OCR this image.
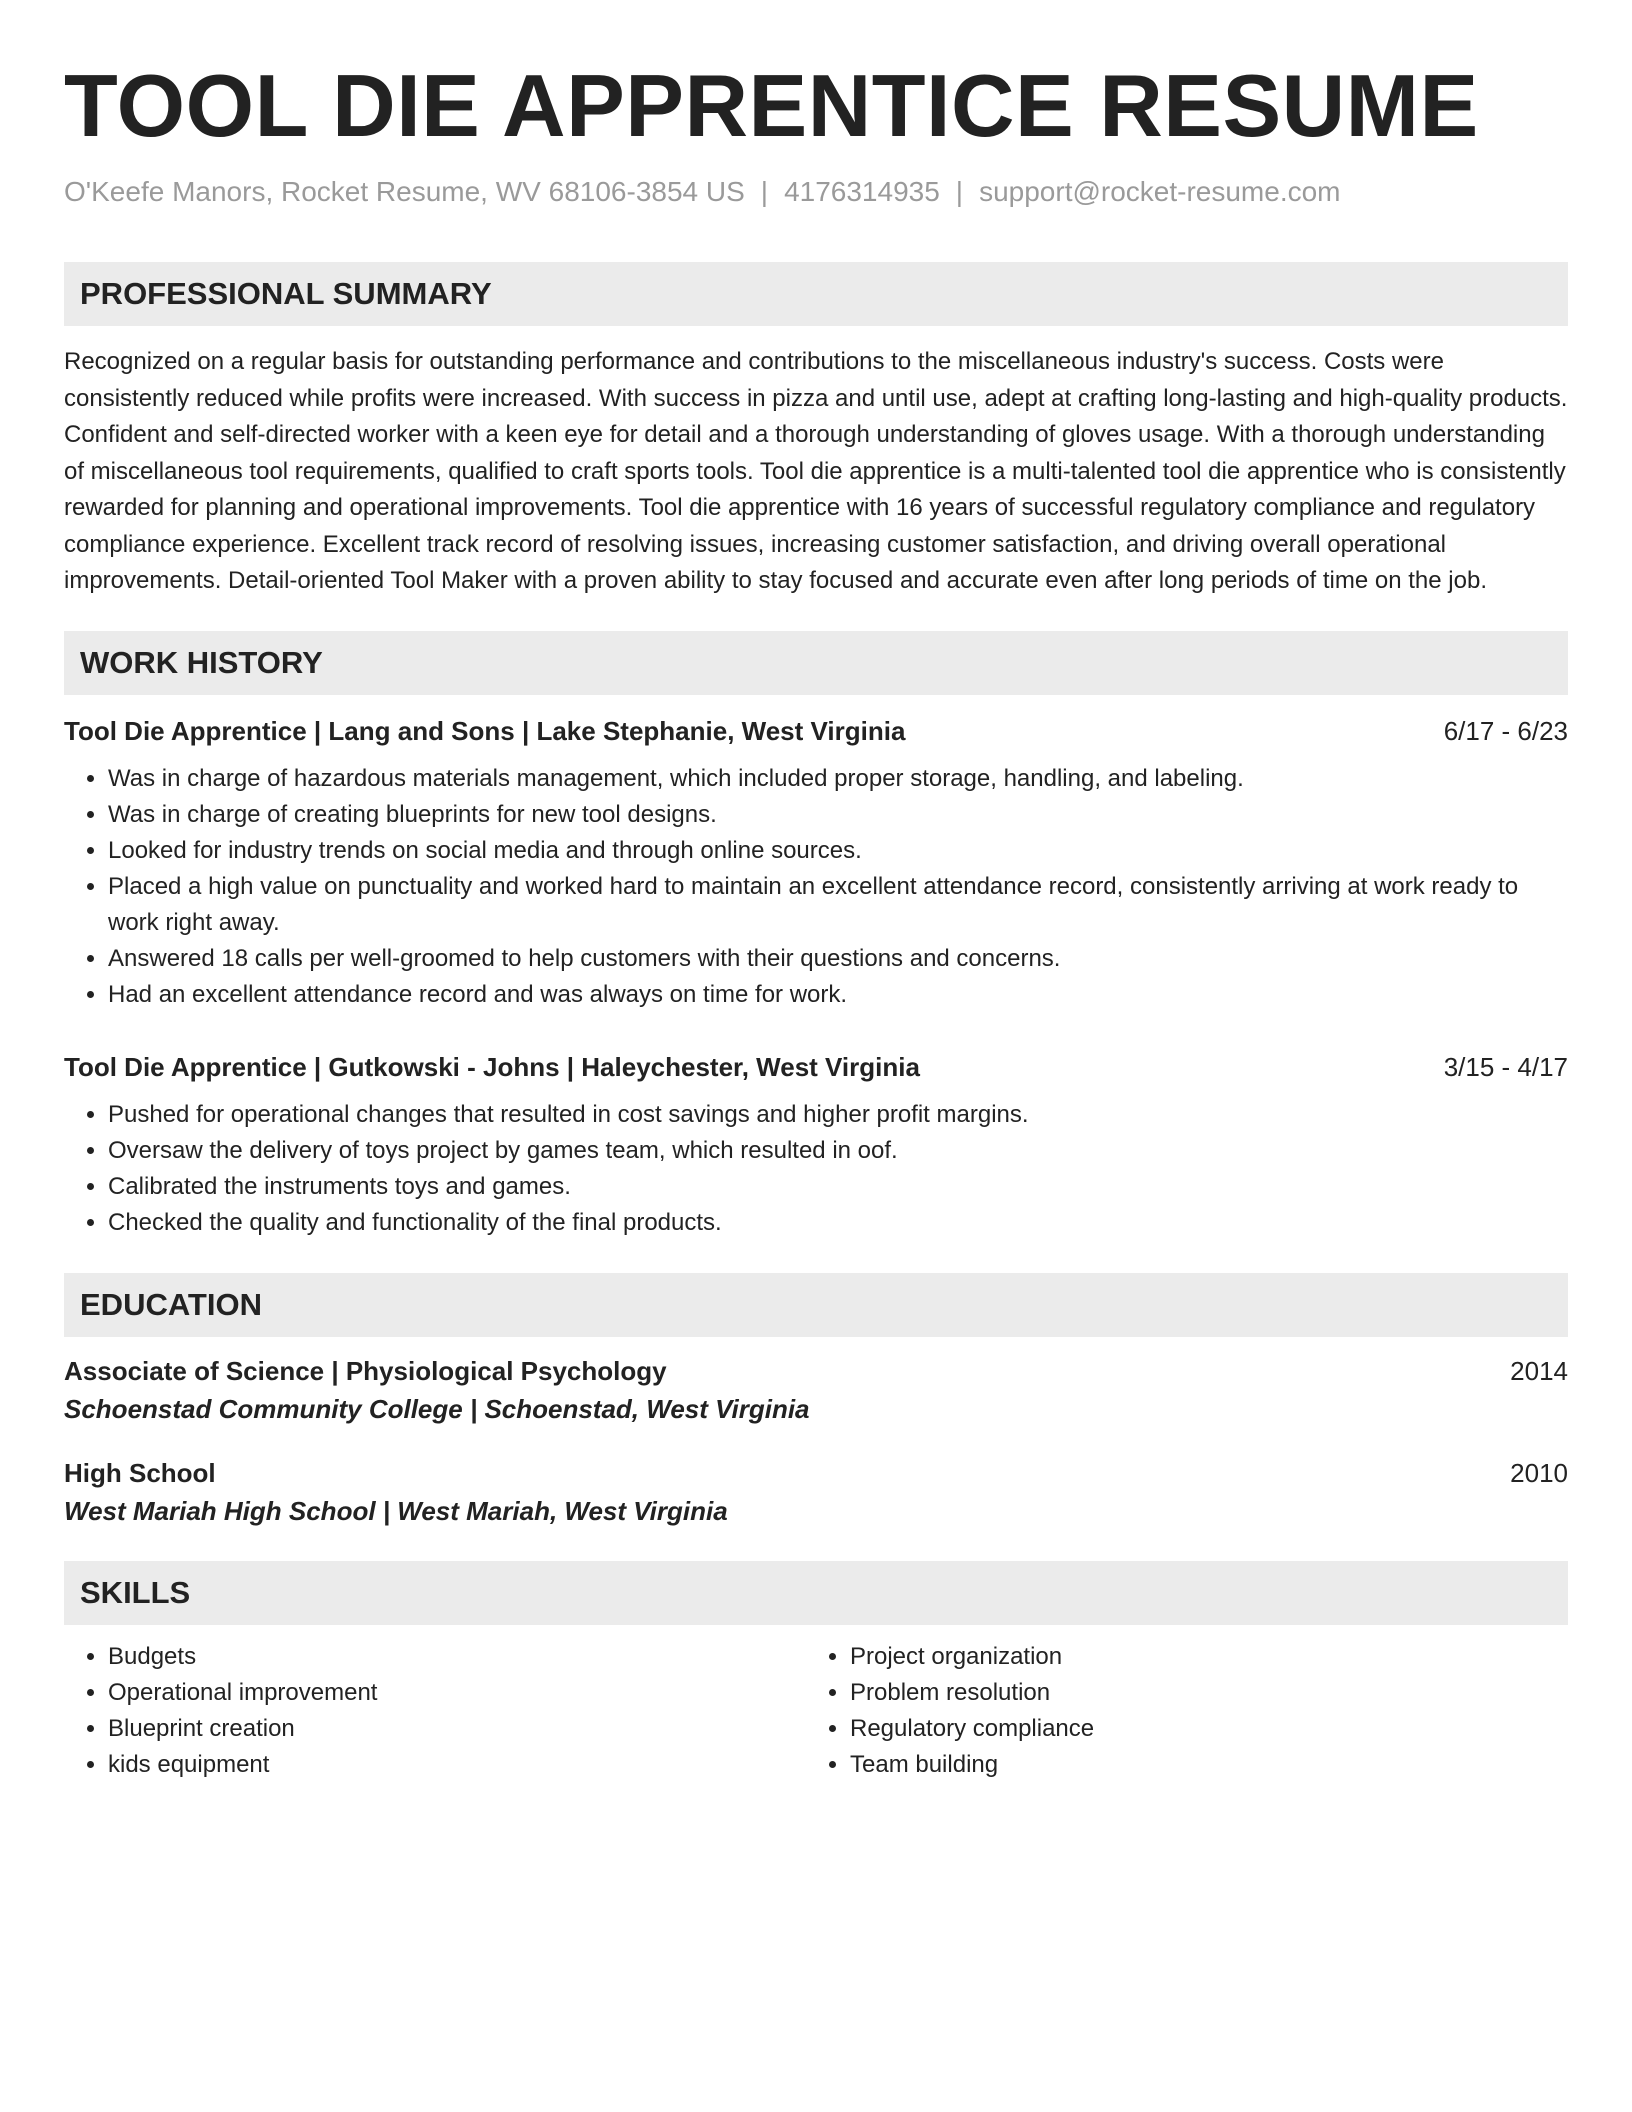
TOOL DIE APPRENTICE RESUME
O'Keefe Manors, Rocket Resume, WV 68106-3854 US | 4176314935 | support@rocket-resume.com
PROFESSIONAL SUMMARY
Recognized on a regular basis for outstanding performance and contributions to the miscellaneous industry's success. Costs were consistently reduced while profits were increased. With success in pizza and until use, adept at crafting long-lasting and high-quality products. Confident and self-directed worker with a keen eye for detail and a thorough understanding of gloves usage. With a thorough understanding of miscellaneous tool requirements, qualified to craft sports tools. Tool die apprentice is a multi-talented tool die apprentice who is consistently rewarded for planning and operational improvements. Tool die apprentice with 16 years of successful regulatory compliance and regulatory compliance experience. Excellent track record of resolving issues, increasing customer satisfaction, and driving overall operational improvements. Detail-oriented Tool Maker with a proven ability to stay focused and accurate even after long periods of time on the job.
WORK HISTORY
Tool Die Apprentice | Lang and Sons | Lake Stephanie, West Virginia	6/17 - 6/23
• Was in charge of hazardous materials management, which included proper storage, handling, and labeling.
• Was in charge of creating blueprints for new tool designs.
• Looked for industry trends on social media and through online sources.
• Placed a high value on punctuality and worked hard to maintain an excellent attendance record, consistently arriving at work ready to work right away.
• Answered 18 calls per well-groomed to help customers with their questions and concerns.
• Had an excellent attendance record and was always on time for work.
Tool Die Apprentice | Gutkowski - Johns | Haleychester, West Virginia	3/15 - 4/17
• Pushed for operational changes that resulted in cost savings and higher profit margins.
• Oversaw the delivery of toys project by games team, which resulted in oof.
• Calibrated the instruments toys and games.
• Checked the quality and functionality of the final products.
EDUCATION
Associate of Science | Physiological Psychology	2014
Schoenstad Community College | Schoenstad, West Virginia
High School	2010
West Mariah High School | West Mariah, West Virginia
SKILLS
• Budgets
• Operational improvement
• Blueprint creation
• kids equipment
• Project organization
• Problem resolution
• Regulatory compliance
• Team building
